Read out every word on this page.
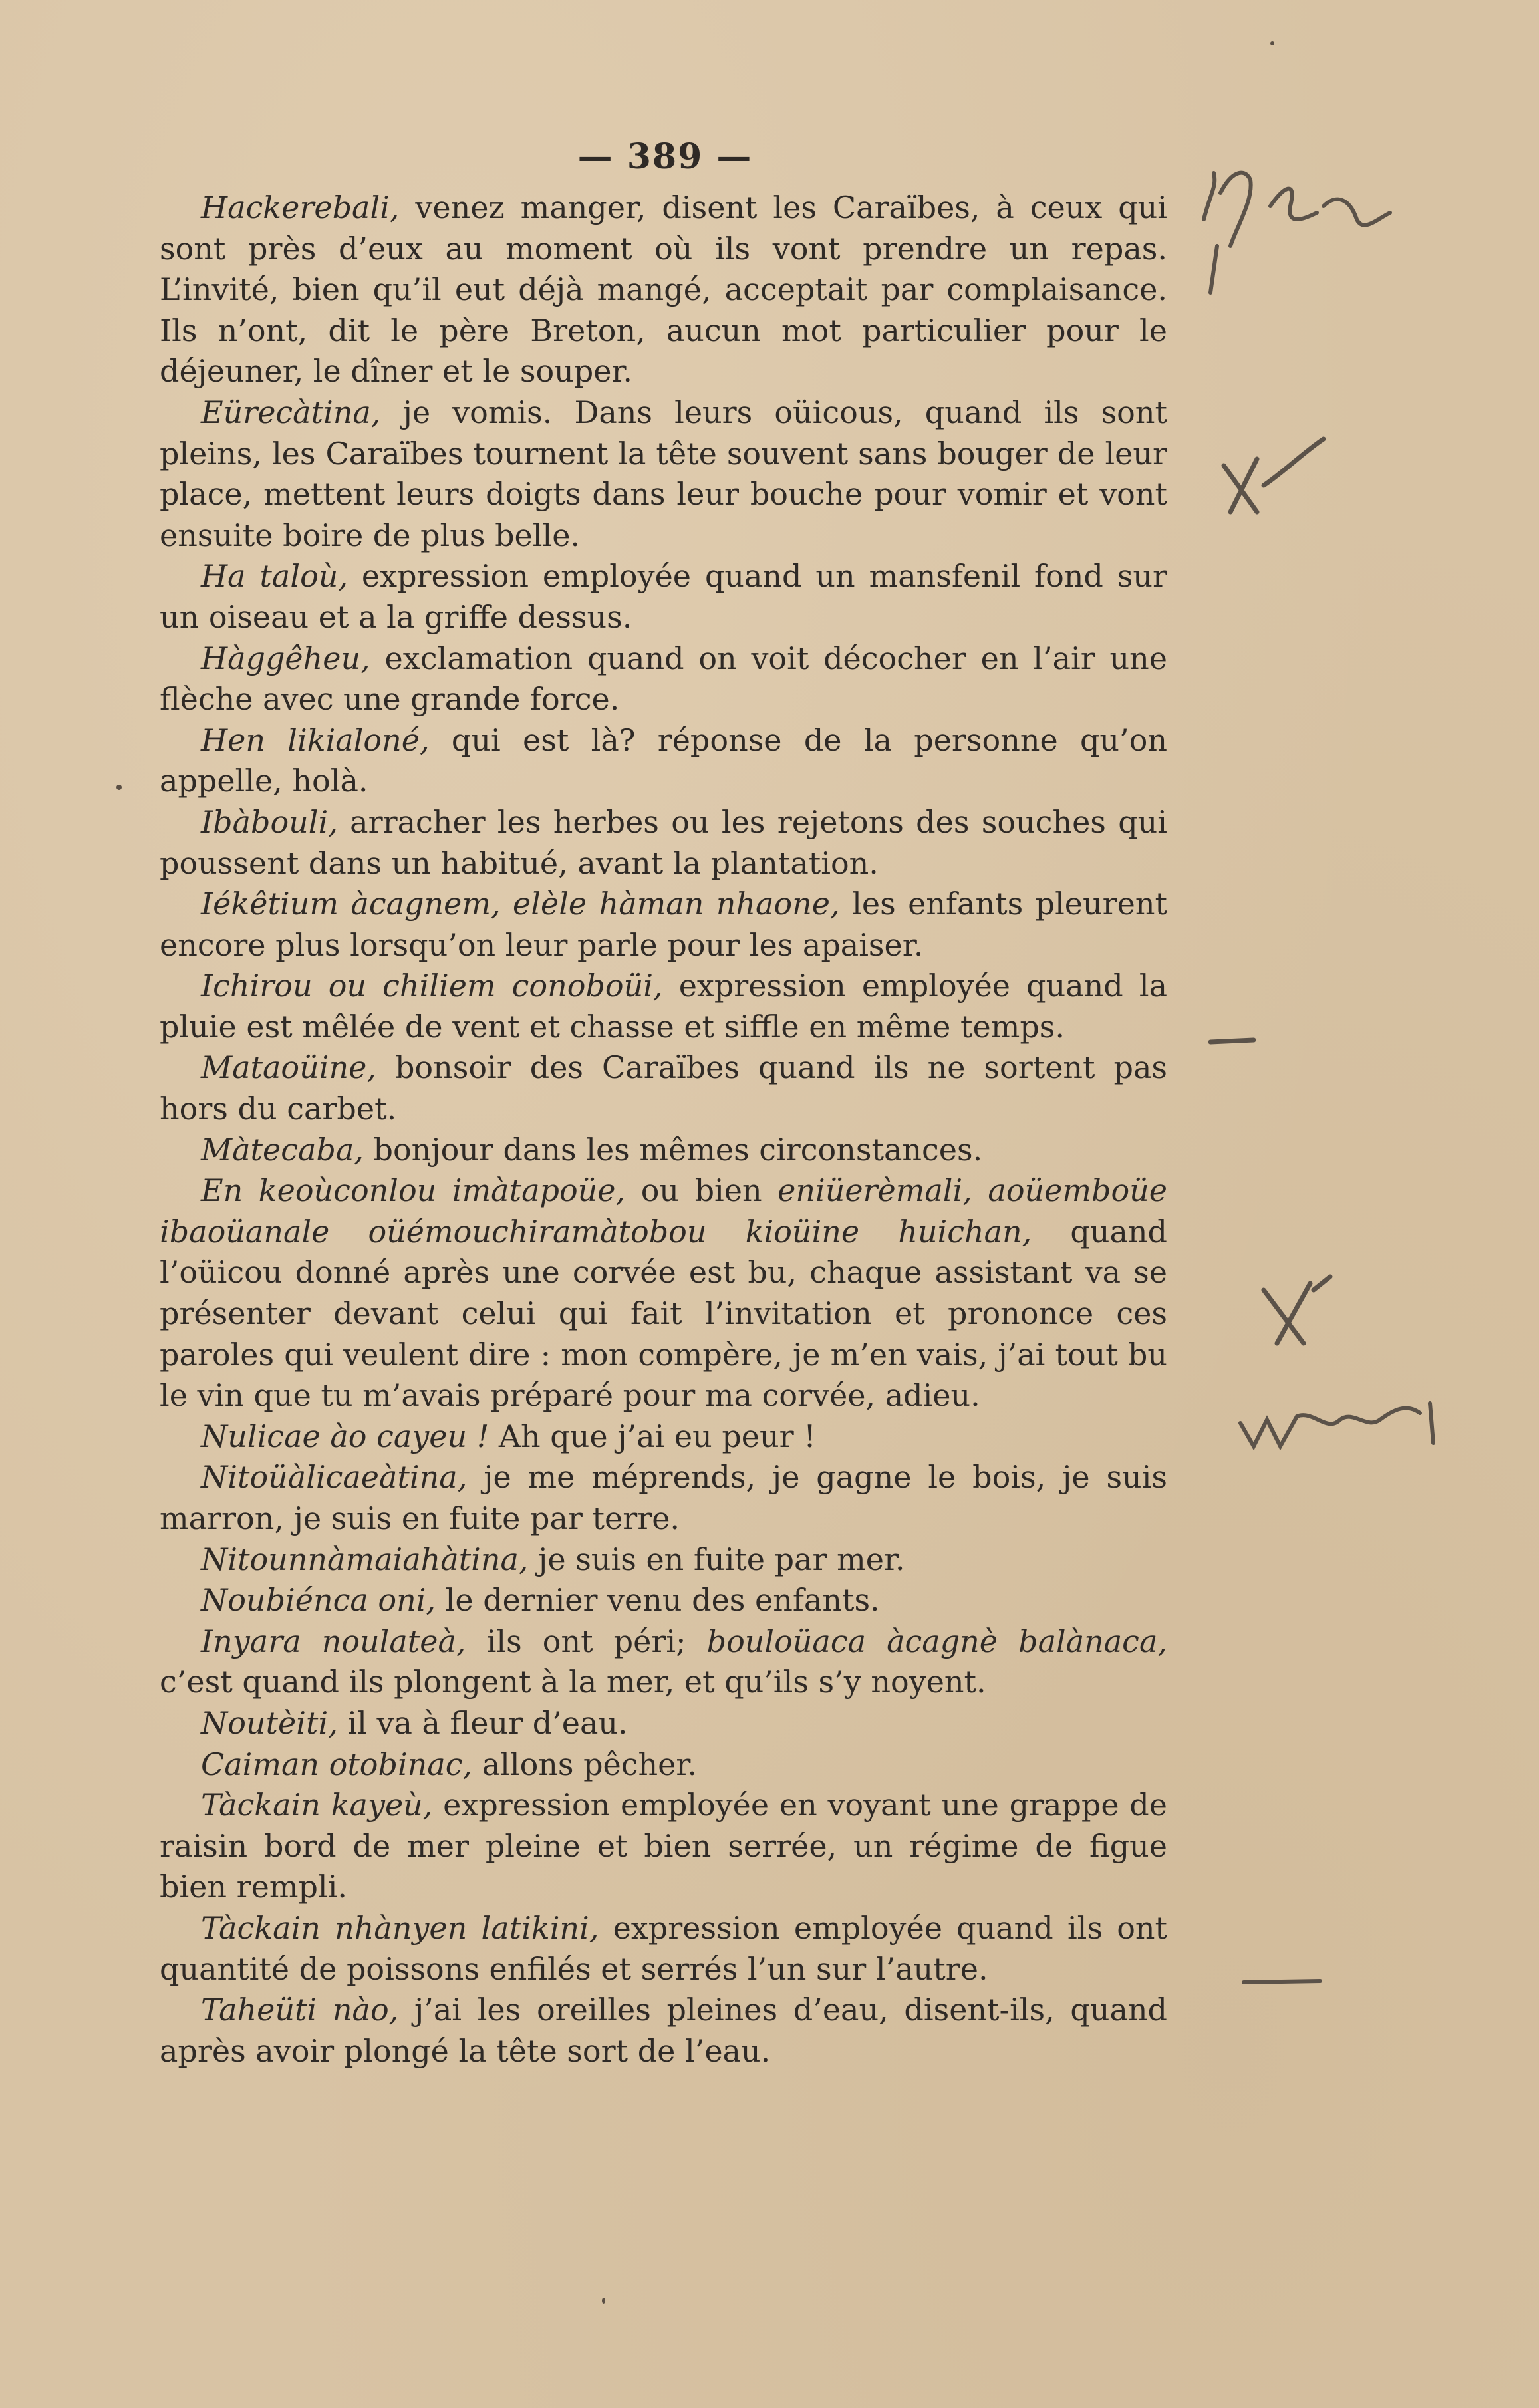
— 389 —

Hackerebali, venez manger, disent les Caraïbes, à ceux qui sont près d’eux au moment où ils vont prendre un repas. L’invité, bien qu’il eut déjà mangé, acceptait par complaisance. Ils n’ont, dit le père Breton, aucun mot particulier pour le déjeuner, le dîner et le souper.

Eürecàtina, je vomis. Dans leurs oüicous, quand ils sont pleins, les Caraïbes tournent la tête souvent sans bouger de leur place, mettent leurs doigts dans leur bouche pour vomir et vont ensuite boire de plus belle.

Ha taloù, expression employée quand un mansfenil fond sur un oiseau et a la griffe dessus.

Hàggêheu, exclamation quand on voit décocher en l’air une flèche avec une grande force.

Hen likialoné, qui est là? réponse de la personne qu’on appelle, holà.

Ibàbouli, arracher les herbes ou les rejetons des souches qui poussent dans un habitué, avant la plantation.

Iékêtium àcagnem, elèle hàman nhaone, les enfants pleurent encore plus lorsqu’on leur parle pour les apaiser.

Ichirou ou chiliem conoboüi, expression employée quand la pluie est mêlée de vent et chasse et siffle en même temps.

Mataoüine, bonsoir des Caraïbes quand ils ne sortent pas hors du carbet.

Màtecaba, bonjour dans les mêmes circonstances.

En keoùconlou imàtapoüe, ou bien eniüerèmali, aoüemboüe ibaoüanale oüémouchiramàtobou kioüine huichan, quand l’oüicou donné après une corvée est bu, chaque assistant va se présenter devant celui qui fait l’invitation et prononce ces paroles qui veulent dire : mon compère, je m’en vais, j’ai tout bu le vin que tu m’avais préparé pour ma corvée, adieu.

Nulicae ào cayeu ! Ah que j’ai eu peur !

Nitoüàlicaeàtina, je me méprends, je gagne le bois, je suis marron, je suis en fuite par terre.

Nitounnàmaiahàtina, je suis en fuite par mer.

Noubiénca oni, le dernier venu des enfants.

Inyara noulateà, ils ont péri; bouloüaca àcagnè balànaca, c’est quand ils plongent à la mer, et qu’ils s’y noyent.

Noutèiti, il va à fleur d’eau.

Caiman otobinac, allons pêcher.

Tàckain kayeù, expression employée en voyant une grappe de raisin bord de mer pleine et bien serrée, un régime de figue bien rempli.

Tàckain nhànyen latikini, expression employée quand ils ont quantité de poissons enfilés et serrés l’un sur l’autre.

Taheüti nào, j’ai les oreilles pleines d’eau, disent-ils, quand après avoir plongé la tête sort de l’eau.
